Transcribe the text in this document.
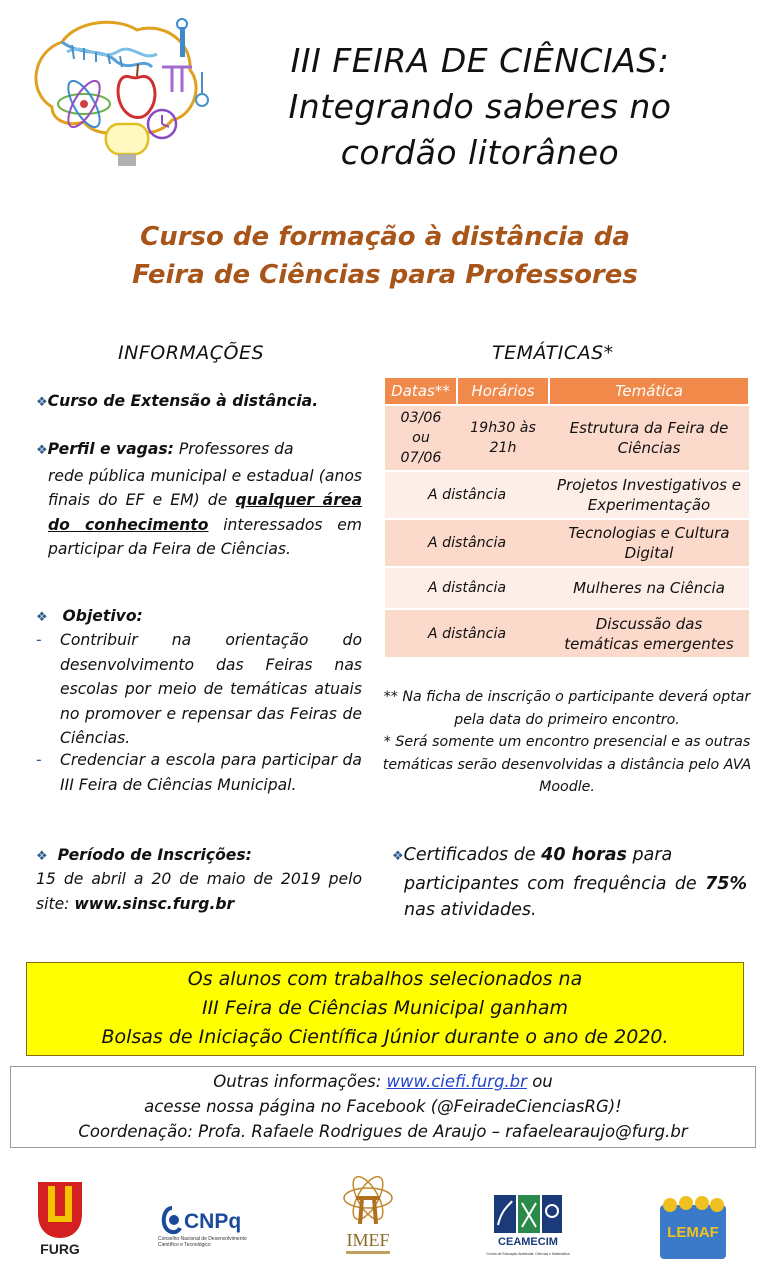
III FEIRA DE CIÊNCIAS:
Integrando saberes no
cordão litorâneo
Curso de formação à distância da
Feira de Ciências para Professores
INFORMAÇÕES
❖Curso de Extensão à distância.
❖Perfil e vagas: Professores da
rede pública municipal e estadual (anos finais do EF e EM) de qualquer área do conhecimento interessados em participar da Feira de Ciências.
❖ Objetivo:
-	Contribuir na orientação do desenvolvimento das Feiras nas escolas por meio de temáticas atuais no promover e repensar das Feiras de Ciências.
-	Credenciar a escola para participar da III Feira de Ciências Municipal.
❖ Período de Inscrições:
15 de abril a 20 de maio de 2019 pelo site: www.sinsc.furg.br
TEMÁTICAS*
Datas**	Horários	Temática

03/06
ou
07/06	19h30 às 21h	Estrutura da Feira de Ciências
A distância		Projetos Investigativos e Experimentação
A distância		Tecnologias e Cultura Digital
A distância		Mulheres na Ciência
A distância		Discussão das temáticas emergentes
** Na ficha de inscrição o participante deverá optar pela data do primeiro encontro.
* Será somente um encontro presencial e as outras temáticas serão desenvolvidas a distância pelo AVA Moodle.
❖Certificados de 40 horas para
participantes com frequência de 75% nas atividades.
Os alunos com trabalhos selecionados na
III Feira de Ciências Municipal ganham
Bolsas de Iniciação Científica Júnior durante o ano de 2020.
Outras informações: www.ciefi.furg.br ou
acesse nossa página no Facebook (@FeiradeCienciasRG)!
Coordenação: Profa. Rafaele Rodrigues de Araujo – rafaelearaujo@furg.br
FURG
CNPq
Conselho Nacional de Desenvolvimento
Científico e Tecnológico	IMEF	CEAMECIM
Centro de Educação Ambiental, Ciências e Matemática
LEMAF
